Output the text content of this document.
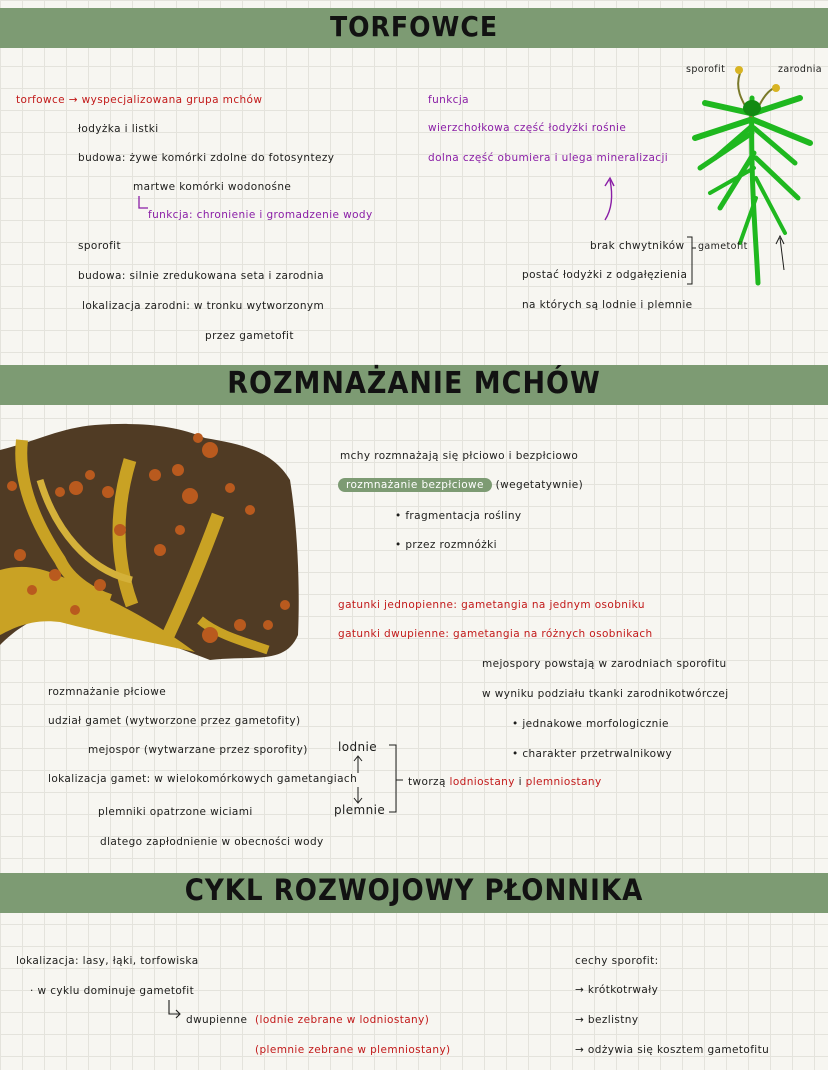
TORFOWCE
torfowce → wyspecjalizowana grupa mchów
łodyżka i listki
budowa: żywe komórki zdolne do fotosyntezy
martwe komórki wodonośne
funkcja: chronienie i gromadzenie wody
sporofit
budowa: silnie zredukowana seta i zarodnia
lokalizacja zarodni: w tronku wytworzonym
przez gametofit
funkcja
wierzchołkowa część łodyżki rośnie
dolna część obumiera i ulega mineralizacji
brak chwytników
postać łodyżki z odgałęzienia
na których są lodnie i plemnie
sporofit	zarodnia
gametofit
ROZMNAŻANIE MCHÓW
mchy rozmnażają się płciowo i bezpłciowo
rozmnażanie bezpłciowe (wegetatywnie)
• fragmentacja rośliny
• przez rozmnóżki
gatunki jednopienne: gametangia na jednym osobniku
gatunki dwupienne: gametangia na różnych osobnikach
mejospory powstają w zarodniach sporofitu
w wyniku podziału tkanki zarodnikotwórczej
• jednakowe morfologicznie
• charakter przetrwalnikowy
rozmnażanie płciowe
udział gamet (wytworzone przez gametofity)
mejospor (wytwarzane przez sporofity)
lokalizacja gamet: w wielokomórkowych gametangiach
plemniki opatrzone wiciami
dlatego zapłodnienie w obecności wody
lodnie
plemnie
tworzą lodniostany i plemniostany
CYKL ROZWOJOWY PŁONNIKA
lokalizacja: lasy, łąki, torfowiska
· w cyklu dominuje gametofit
dwupienne (lodnie zebrane w lodniostany)
(plemnie zebrane w plemniostany)
cechy sporofit:
→ krótkotrwały
→ bezlistny
→ odżywia się kosztem gametofitu
